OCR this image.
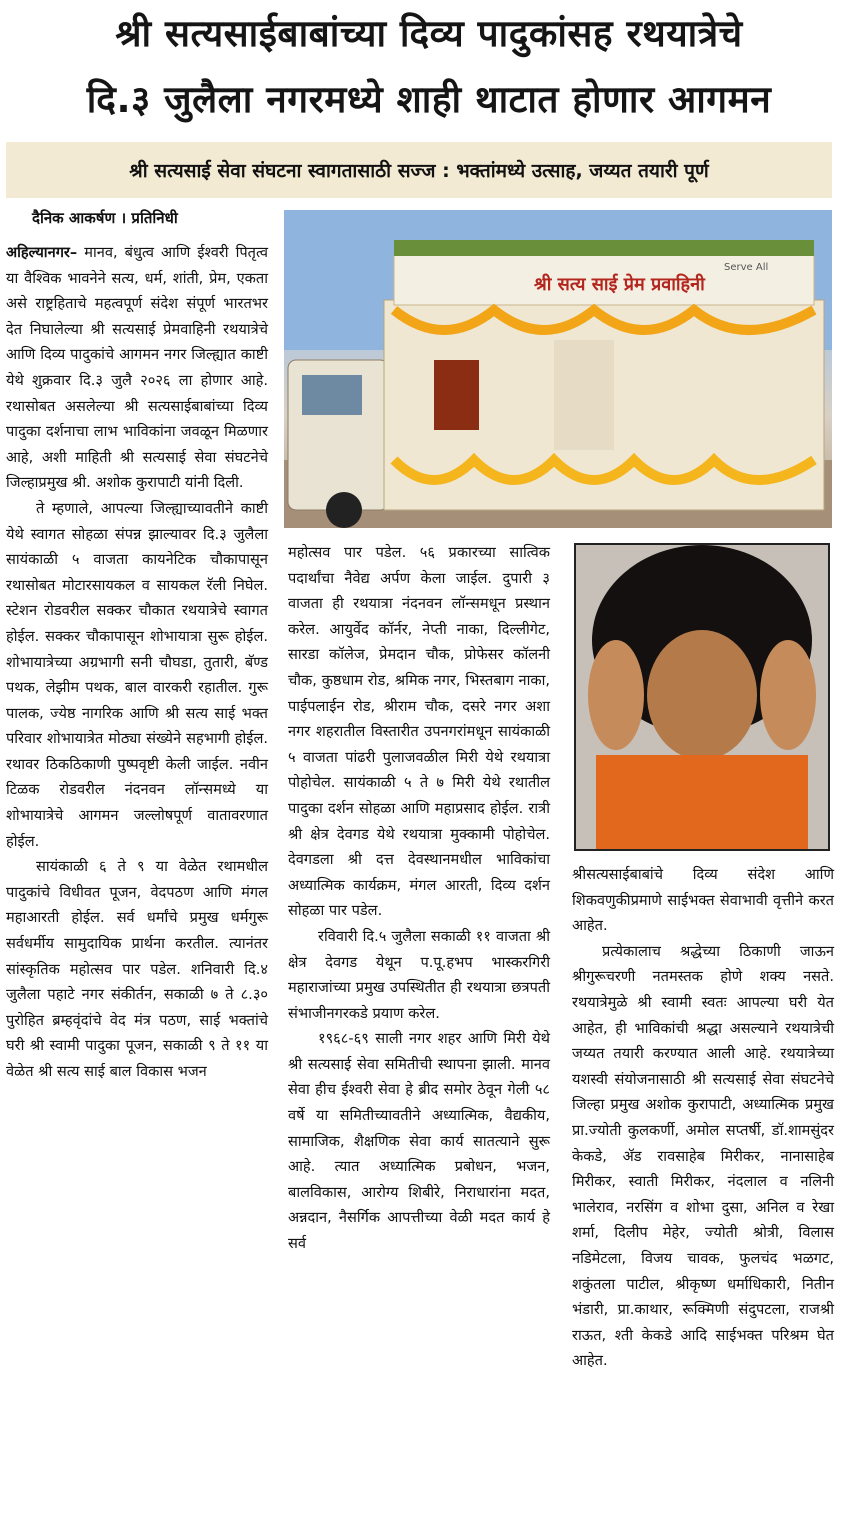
श्री सत्यसाईबाबांच्या दिव्य पादुकांसह रथयात्रेचे
दि.३ जुलैला नगरमध्ये शाही थाटात होणार आगमन
श्री सत्यसाई सेवा संघटना स्वागतासाठी सज्ज : भक्तांमध्ये उत्साह, जय्यत तयारी पूर्ण
दैनिक आकर्षण । प्रतिनिधी

अहिल्यानगर– मानव, बंधुत्व आणि ईश्वरी पितृत्व या वैश्विक भावनेने सत्य, धर्म, शांती, प्रेम, एकता असे राष्ट्रहिताचे महत्वपूर्ण संदेश संपूर्ण भारतभर देत निघालेल्या श्री सत्यसाई प्रेमवाहिनी रथयात्रेचे आणि दिव्य पादुकांचे आगमन नगर जिल्ह्यात काष्टी येथे शुक्रवार दि.३ जुलै २०२६ ला होणार आहे. रथासोबत असलेल्या श्री सत्यसाईबाबांच्या दिव्य पादुका दर्शनाचा लाभ भाविकांना जवळून मिळणार आहे, अशी माहिती श्री सत्यसाई सेवा संघटनेचे जिल्हाप्रमुख श्री. अशोक कुरापाटी यांनी दिली.

ते म्हणाले, आपल्या जिल्ह्याच्यावतीने काष्टी येथे स्वागत सोहळा संपन्न झाल्यावर दि.३ जुलैला सायंकाळी ५ वाजता कायनेटिक चौकापासून रथासोबत मोटारसायकल व सायकल रॅली निघेल. स्टेशन रोडवरील सक्कर चौकात रथयात्रेचे स्वागत होईल. सक्कर चौकापासून शोभायात्रा सुरू होईल. शोभायात्रेच्या अग्रभागी सनी चौघडा, तुतारी, बॅण्ड पथक, लेझीम पथक, बाल वारकरी रहातील. गुरू पालक, ज्येष्ठ नागरिक आणि श्री सत्य साई भक्त परिवार शोभायात्रेत मोठ्या संख्येने सहभागी होईल. रथावर ठिकठिकाणी पुष्पवृष्टी केली जाईल. नवीन टिळक रोडवरील नंदनवन लॉन्समध्ये या शोभायात्रेचे आगमन जल्लोषपूर्ण वातावरणात होईल.

सायंकाळी ६ ते ९ या वेळेत रथामधील पादुकांचे विधीवत पूजन, वेदपठण आणि मंगल महाआरती होईल. सर्व धर्मांचे प्रमुख धर्मगुरू सर्वधर्मीय सामुदायिक प्रार्थना करतील. त्यानंतर सांस्कृतिक महोत्सव पार पडेल. शनिवारी दि.४ जुलैला पहाटे नगर संकीर्तन, सकाळी ७ ते ८.३० पुरोहित ब्रम्हवृंदांचे वेद मंत्र पठण, साई भक्तांचे घरी श्री स्वामी पादुका पूजन, सकाळी ९ ते ११ या वेळेत श्री सत्य साई बाल विकास भजन

श्री सत्य साई प्रेम प्रवाहिनी
Serve All

महोत्सव पार पडेल. ५६ प्रकारच्या सात्विक पदार्थांचा नैवेद्य अर्पण केला जाईल. दुपारी ३ वाजता ही रथयात्रा नंदनवन लॉन्समधून प्रस्थान करेल. आयुर्वेद कॉर्नर, नेप्ती नाका, दिल्लीगेट, सारडा कॉलेज, प्रेमदान चौक, प्रोफेसर कॉलनी चौक, कुष्ठधाम रोड, श्रमिक नगर, भिस्तबाग नाका, पाईपलाईन रोड, श्रीराम चौक, दसरे नगर अशा नगर शहरातील विस्तारीत उपनगरांमधून सायंकाळी ५ वाजता पांढरी पुलाजवळील मिरी येथे रथयात्रा पोहोचेल. सायंकाळी ५ ते ७ मिरी येथे रथातील पादुका दर्शन सोहळा आणि महाप्रसाद होईल. रात्री श्री क्षेत्र देवगड येथे रथयात्रा मुक्कामी पोहोचेल. देवगडला श्री दत्त देवस्थानमधील भाविकांचा अध्यात्मिक कार्यक्रम, मंगल आरती, दिव्य दर्शन सोहळा पार पडेल.

रविवारी दि.५ जुलैला सकाळी ११ वाजता श्री क्षेत्र देवगड येथून प.पू.हभप भास्करगिरी महाराजांच्या प्रमुख उपस्थितीत ही रथयात्रा छत्रपती संभाजीनगरकडे प्रयाण करेल.

१९६८-६९ साली नगर शहर आणि मिरी येथे श्री सत्यसाई सेवा समितीची स्थापना झाली. मानव सेवा हीच ईश्वरी सेवा हे ब्रीद समोर ठेवून गेली ५८ वर्षे या समितीच्यावतीने अध्यात्मिक, वैद्यकीय, सामाजिक, शैक्षणिक सेवा कार्य सातत्याने सुरू आहे. त्यात अध्यात्मिक प्रबोधन, भजन, बालविकास, आरोग्य शिबीरे, निराधारांना मदत, अन्नदान, नैसर्गिक आपत्तीच्या वेळी मदत कार्य हे सर्व

श्रीसत्यसाईबाबांचे दिव्य संदेश आणि शिकवणुकीप्रमाणे साईभक्त सेवाभावी वृत्तीने करत आहेत.

प्रत्येकालाच श्रद्धेच्या ठिकाणी जाऊन श्रीगुरूचरणी नतमस्तक होणे शक्य नसते. रथयात्रेमुळे श्री स्वामी स्वतः आपल्या घरी येत आहेत, ही भाविकांची श्रद्धा असल्याने रथयात्रेची जय्यत तयारी करण्यात आली आहे. रथयात्रेच्या यशस्वी संयोजनासाठी श्री सत्यसाई सेवा संघटनेचे जिल्हा प्रमुख अशोक कुरापाटी, अध्यात्मिक प्रमुख प्रा.ज्योती कुलकर्णी, अमोल सप्तर्षी, डॉ.शामसुंदर केकडे, ॲड रावसाहेब मिरीकर, नानासाहेब मिरीकर, स्वाती मिरीकर, नंदलाल व नलिनी भालेराव, नरसिंग व शोभा दुसा, अनिल व रेखा शर्मा, दिलीप मेहेर, ज्योती श्रोत्री, विलास नडिमेटला, विजय चावक, फुलचंद भळगट, शकुंतला पाटील, श्रीकृष्ण धर्माधिकारी, नितीन भंडारी, प्रा.काथार, रूक्मिणी संदुपटला, राजश्री राऊत, श्ती केकडे आदि साईभक्त परिश्रम घेत आहेत.
